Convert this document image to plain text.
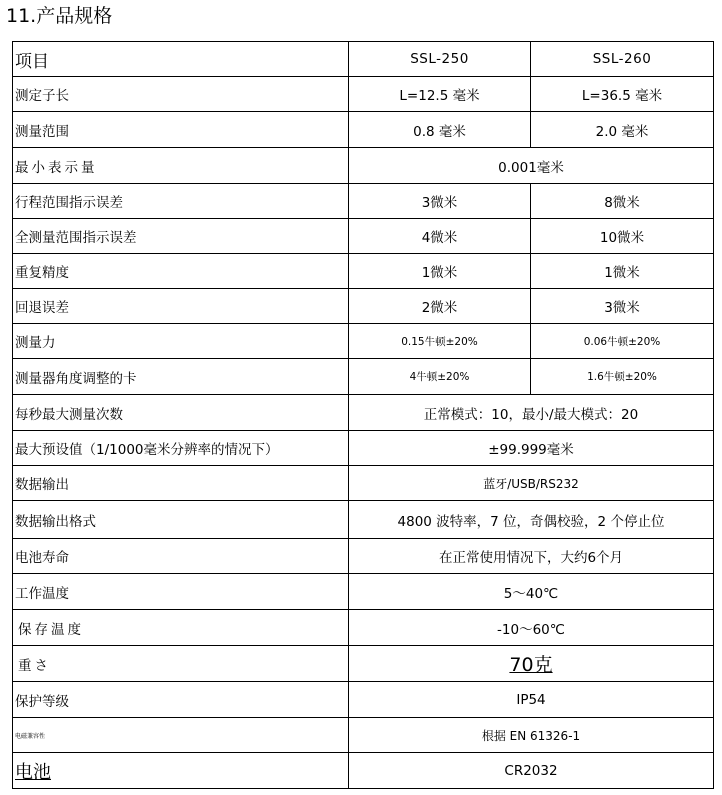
11.产品规格
项目	SSL-250	SSL-260
测定子长	L=12.5 毫米	L=36.5 毫米
测量范围	0.8 毫米	2.0 毫米
最小表示量	0.001毫米	
行程范围指示误差	3微米	8微米
全测量范围指示误差	4微米	10微米
重复精度	1微米	1微米
回退误差	2微米	3微米
测量力	0.15牛顿±20%	0.06牛顿±20%
测量器角度调整的卡	4牛顿±20%	1.6牛顿±20%
每秒最大测量次数	正常模式：10，最小/最大模式：20	
最大预设值（1/1000毫米分辨率的情况下）	±99.999毫米	
数据输出	蓝牙/USB/RS232	
数据输出格式	4800 波特率，7 位，奇偶校验，2 个停止位	
电池寿命	在正常使用情况下，大约6个月	
工作温度	5～40℃	
保存温度	-10～60℃	
重さ	70克	
保护等级	IP54	
电磁兼容性	根据 EN 61326-1	
电池	CR2032	
